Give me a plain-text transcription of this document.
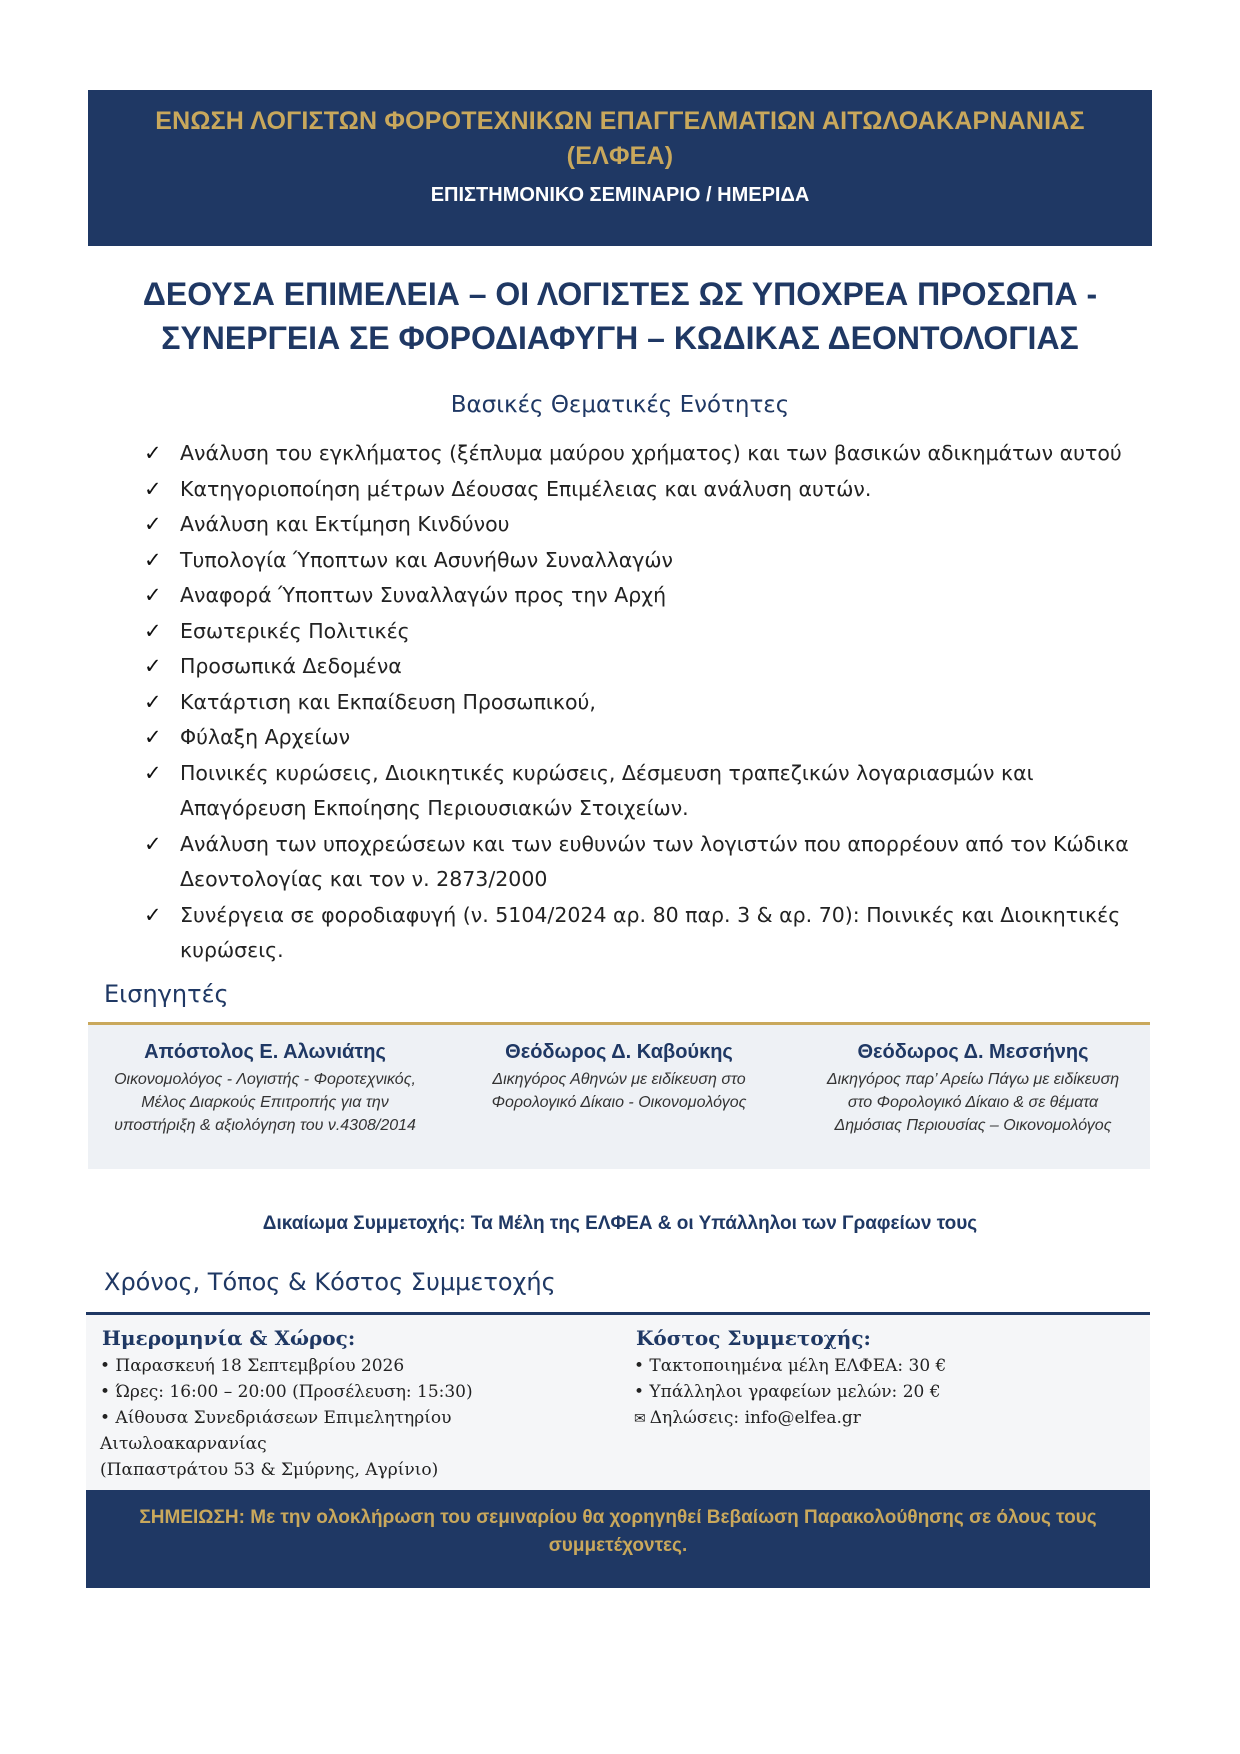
ΕΝΩΣΗ ΛΟΓΙΣΤΩΝ ΦΟΡΟΤΕΧΝΙΚΩΝ ΕΠΑΓΓΕΛΜΑΤΙΩΝ ΑΙΤΩΛΟΑΚΑΡΝΑΝΙΑΣ
(ΕΛΦΕΑ)
ΕΠΙΣΤΗΜΟΝΙΚΟ ΣΕΜΙΝΑΡΙΟ / ΗΜΕΡΙΔΑ
ΔΕΟΥΣΑ ΕΠΙΜΕΛΕΙΑ – ΟΙ ΛΟΓΙΣΤΕΣ ΩΣ ΥΠΟΧΡΕΑ ΠΡΟΣΩΠΑ -
ΣΥΝΕΡΓΕΙΑ ΣΕ ΦΟΡΟΔΙΑΦΥΓΗ – ΚΩΔΙΚΑΣ ΔΕΟΝΤΟΛΟΓΙΑΣ
Βασικές Θεματικές Ενότητες
✓ Ανάλυση του εγκλήματος (ξέπλυμα μαύρου χρήματος) και των βασικών αδικημάτων αυτού
✓ Κατηγοριοποίηση μέτρων Δέουσας Επιμέλειας και ανάλυση αυτών.
✓ Ανάλυση και Εκτίμηση Κινδύνου
✓ Τυπολογία Ύποπτων και Ασυνήθων Συναλλαγών
✓ Αναφορά Ύποπτων Συναλλαγών προς την Αρχή
✓ Εσωτερικές Πολιτικές
✓ Προσωπικά Δεδομένα
✓ Κατάρτιση και Εκπαίδευση Προσωπικού,
✓ Φύλαξη Αρχείων
✓ Ποινικές κυρώσεις, Διοικητικές κυρώσεις, Δέσμευση τραπεζικών λογαριασμών και Απαγόρευση Εκποίησης Περιουσιακών Στοιχείων.
✓ Ανάλυση των υποχρεώσεων και των ευθυνών των λογιστών που απορρέουν από τον Κώδικα Δεοντολογίας και τον ν. 2873/2000
✓ Συνέργεια σε φοροδιαφυγή (ν. 5104/2024 αρ. 80 παρ. 3 & αρ. 70): Ποινικές και Διοικητικές κυρώσεις.
Εισηγητές
Απόστολος Ε. Αλωνιάτης
Οικονομολόγος - Λογιστής - Φοροτεχνικός,
Μέλος Διαρκούς Επιτροπής για την
υποστήριξη & αξιολόγηση του ν.4308/2014
Θεόδωρος Δ. Καβούκης
Δικηγόρος Αθηνών με ειδίκευση στο
Φορολογικό Δίκαιο - Οικονομολόγος
Θεόδωρος Δ. Μεσσήνης
Δικηγόρος παρ’ Αρείω Πάγω με ειδίκευση
στο Φορολογικό Δίκαιο & σε θέματα
Δημόσιας Περιουσίας – Οικονομολόγος
Δικαίωμα Συμμετοχής: Τα Μέλη της ΕΛΦΕΑ & οι Υπάλληλοι των Γραφείων τους
Χρόνος, Τόπος & Κόστος Συμμετοχής
Ημερομηνία & Χώρος:
• Παρασκευή 18 Σεπτεμβρίου 2026
• Ώρες: 16:00 – 20:00 (Προσέλευση: 15:30)
• Αίθουσα Συνεδριάσεων Επιμελητηρίου Αιτωλοακαρνανίας
(Παπαστράτου 53 & Σμύρνης, Αγρίνιο)
Κόστος Συμμετοχής:
• Τακτοποιημένα μέλη ΕΛΦΕΑ: 30 €
• Υπάλληλοι γραφείων μελών: 20 €
✉ Δηλώσεις: info@elfea.gr
ΣΗΜΕΙΩΣΗ: Με την ολοκλήρωση του σεμιναρίου θα χορηγηθεί Βεβαίωση Παρακολούθησης σε όλους τους συμμετέχοντες.
